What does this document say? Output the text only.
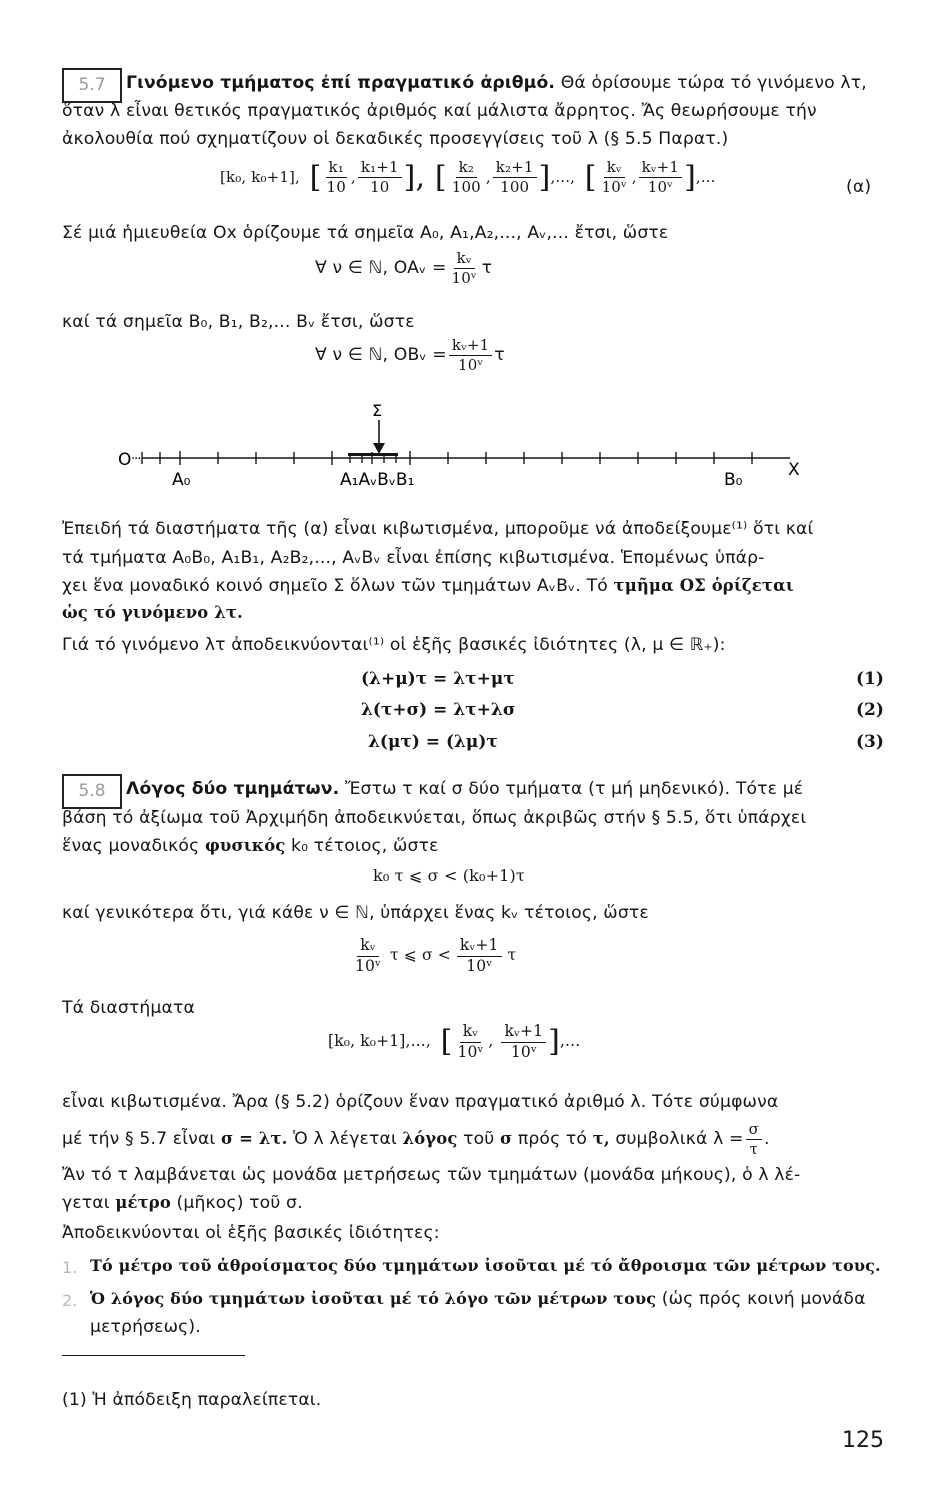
5.7 Γινόμενο τμήματος ἐπί πραγματικό ἀριθμό. Θά ὁρίσουμε τώρα τό γινόμενο λτ,
ὅταν λ εἶναι θετικός πραγματικός ἀριθμός καί μάλιστα ἄρρητος. Ἄς θεωρήσουμε τήν
ἀκολουθία πού σχηματίζουν οἱ δεκαδικές προσεγγίσεις τοῦ λ (§ 5.5 Παρατ.)
[k₀, k₀+1], [ $\frac{\text{k₁}}{10}$ , $\frac{\text{k₁+1}}{10}$ ], [ $\frac{\text{k₂}}{100}$ , $\frac{\text{k₂+1}}{100}$ ] ,..., [ $\frac{\text{kᵥ}}{\text{10ᵛ}}$ , $\frac{\text{kᵥ+1}}{\text{10ᵛ}}$ ] ,...	(α)
Σέ μιά ἡμιευθεία Οx ὁρίζουμε τά σημεῖα A₀, A₁,A₂,..., Aᵥ,... ἔτσι, ὥστε
∀ ν ∈ ℕ, OAᵥ = $\frac{\text{kᵥ}}{\text{10ᵛ}}$ τ
καί τά σημεῖα B₀, B₁, B₂,... Bᵥ ἔτσι, ὥστε
∀ ν ∈ ℕ, OBᵥ = $\frac{\text{kᵥ+1}}{\text{10ᵛ}}$ τ
Σ
O ···
A₀	A₁AᵥBᵥB₁	B₀	X
Ἐπειδή τά διαστήματα τῆς (α) εἶναι κιβωτισμένα, μποροῦμε νά ἀποδείξουμε⁽¹⁾ ὅτι καί
τά τμήματα A₀B₀, A₁B₁, A₂B₂,..., AᵥBᵥ εἶναι ἐπίσης κιβωτισμένα. Ἑπομένως ὑπάρ-
χει ἕνα μοναδικό κοινό σημεῖο Σ ὅλων τῶν τμημάτων AᵥBᵥ. Τό τμῆμα ΟΣ ὁρίζεται
ὡς τό γινόμενο λτ.
Γιά τό γινόμενο λτ ἀποδεικνύονται⁽¹⁾ οἱ ἑξῆς βασικές ἰδιότητες (λ, μ ∈ ℝ₊):
(λ+μ)τ = λτ+μτ	(1)
λ(τ+σ) = λτ+λσ	(2)
λ(μτ) = (λμ)τ	(3)
5.8 Λόγος δύο τμημάτων. Ἔστω τ καί σ δύο τμήματα (τ μή μηδενικό). Τότε μέ
βάση τό ἀξίωμα τοῦ Ἀρχιμήδη ἀποδεικνύεται, ὅπως ἀκριβῶς στήν § 5.5, ὅτι ὑπάρχει
ἕνας μοναδικός φυσικός k₀ τέτοιος, ὥστε
k₀ τ ⩽ σ < (k₀+1)τ
καί γενικότερα ὅτι, γιά κάθε ν ∈ ℕ, ὑπάρχει ἕνας kᵥ τέτοιος, ὥστε
$\frac{\text{kᵥ}}{\text{10ᵛ}}$ τ ⩽ $\sigma < \frac{\text{kᵥ+1}}{\text{10ᵛ}}$ τ
Τά διαστήματα
[k₀, k₀+1],..., [ $\frac{\text{kᵥ}}{\text{10ᵛ}}$ , $\frac{\text{kᵥ+1}}{\text{10ᵛ}}$ ] ,...
εἶναι κιβωτισμένα. Ἄρα (§ 5.2) ὁρίζουν ἕναν πραγματικό ἀριθμό λ. Τότε σύμφωνα
μέ τήν § 5.7 εἶναι
σ = λτ.
Ὁ λ λέγεται
λόγος
τοῦ
σ
πρός τό
τ,
συμβολικά $\lambda = \frac{\sigma}{\tau}$ .
Ἄν τό τ λαμβάνεται ὡς μονάδα μετρήσεως τῶν τμημάτων (μονάδα μήκους), ὁ λ λέ-
γεται μέτρο (μῆκος) τοῦ σ.
Ἀποδεικνύονται οἱ ἑξῆς βασικές ἰδιότητες:
1. Τό μέτρο τοῦ ἀθροίσματος δύο τμημάτων ἰσοῦται μέ τό ἄθροισμα τῶν μέτρων τους.
2. Ὁ λόγος δύο τμημάτων ἰσοῦται μέ τό λόγο τῶν μέτρων τους (ὡς πρός κοινή μονάδα
μετρήσεως).
(1) Ἡ ἀπόδειξη παραλείπεται.
125
